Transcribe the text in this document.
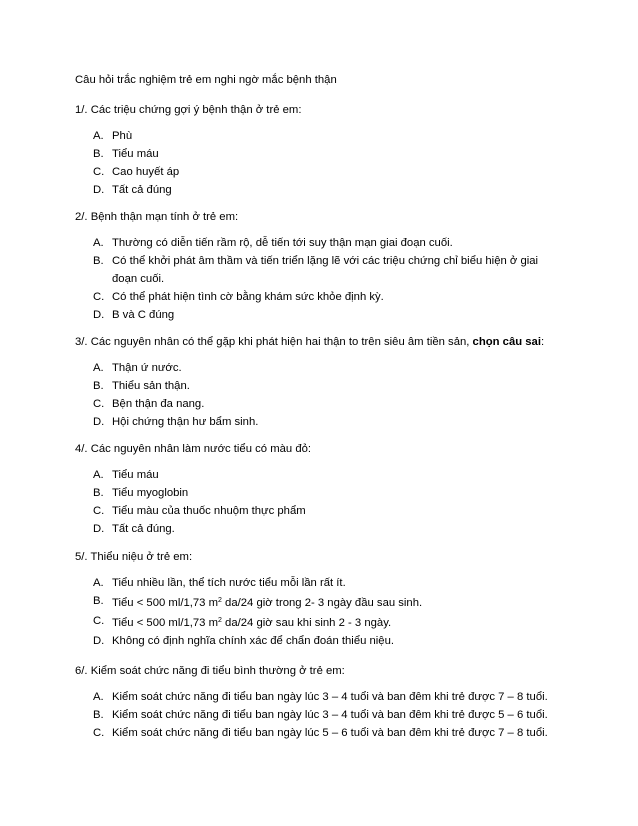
Câu hỏi trắc nghiệm trẻ em nghi ngờ mắc bệnh thận
1/. Các triệu chứng gợi ý bệnh thận ở trẻ em:
A. Phù
B. Tiểu máu
C. Cao huyết áp
D. Tất cả đúng
2/. Bệnh thận mạn tính ở trẻ em:
A. Thường có diễn tiến rầm rộ, dễ tiến tới suy thận mạn giai đoạn cuối.
B. Có thể khởi phát âm thầm và tiến triển lặng lẽ với các triệu chứng chỉ biểu hiện ở giai đoạn cuối.
C. Có thể phát hiện tình cờ bằng khám sức khỏe định kỳ.
D. B và C đúng
3/. Các nguyên nhân có thể gặp khi phát hiện hai thận to trên siêu âm tiền sản, chọn câu sai:
A. Thận ứ nước.
B. Thiểu sản thận.
C. Bện thận đa nang.
D. Hội chứng thận hư bẩm sinh.
4/. Các nguyên nhân làm nước tiểu có màu đỏ:
A. Tiểu máu
B. Tiểu myoglobin
C. Tiểu màu của thuốc nhuộm thực phẩm
D. Tất cả đúng.
5/. Thiểu niệu ở trẻ em:
A. Tiểu nhiều lần, thể tích nước tiểu mỗi lần rất ít.
B. Tiểu < 500 ml/1,73 $m^2$ da/24 giờ trong 2- 3 ngày đầu sau sinh.
C. Tiểu < 500 ml/1,73 $m^2$ da/24 giờ sau khi sinh 2 - 3 ngày.
D. Không có định nghĩa chính xác để chẩn đoán thiểu niệu.
6/. Kiểm soát chức năng đi tiểu bình thường ở trẻ em:
A. Kiểm soát chức năng đi tiểu ban ngày lúc 3 – 4 tuổi và ban đêm khi trẻ được 7 – 8 tuổi.
B. Kiểm soát chức năng đi tiểu ban ngày lúc 3 – 4 tuổi và ban đêm khi trẻ được 5 – 6 tuổi.
C. Kiểm soát chức năng đi tiểu ban ngày lúc 5 – 6 tuổi và ban đêm khi trẻ được 7 – 8 tuổi.
